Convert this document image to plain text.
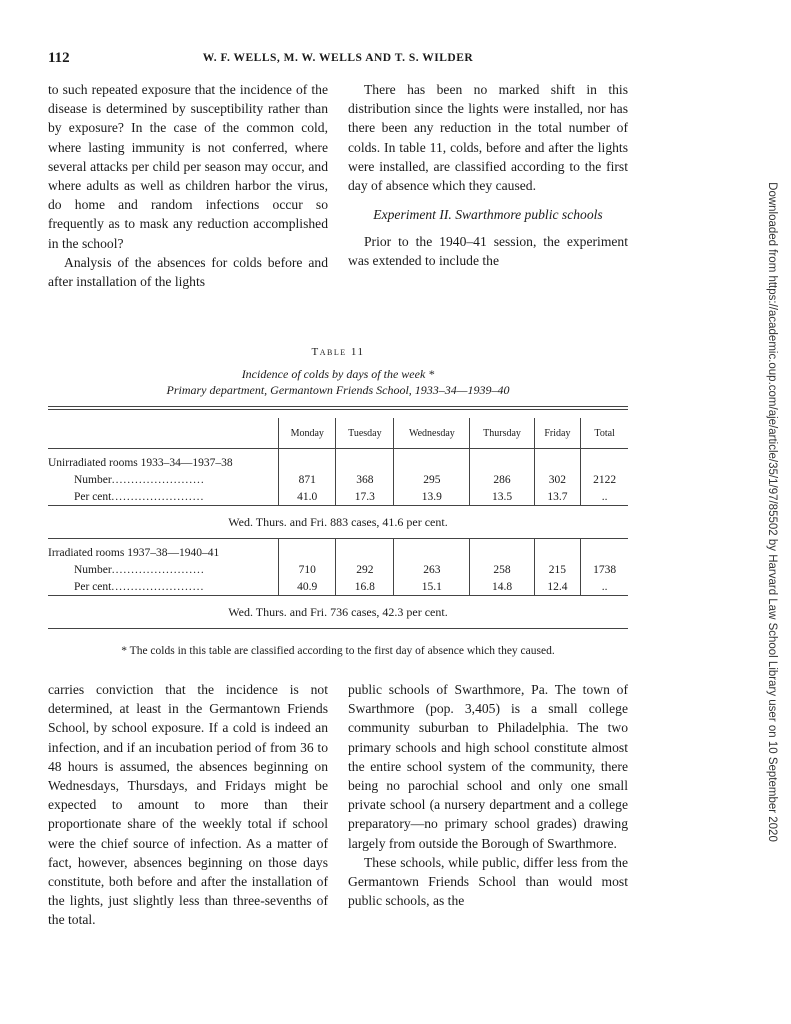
112	W. F. WELLS, M. W. WELLS AND T. S. WILDER

to such repeated exposure that the incidence of the disease is determined by susceptibility rather than by exposure? In the case of the common cold, where lasting immunity is not conferred, where several attacks per child per season may occur, and where adults as well as children harbor the virus, do home and random infections occur so frequently as to mask any reduction accomplished in the school?

Analysis of the absences for colds before and after installation of the lights

There has been no marked shift in this distribution since the lights were installed, nor has there been any reduction in the total number of colds. In table 11, colds, before and after the lights were installed, are classified according to the first day of absence which they caused.

Experiment II. Swarthmore public schools

Prior to the 1940–41 session, the experiment was extended to include the

Table 11
Incidence of colds by days of the week *
Primary department, Germantown Friends School, 1933–34—1939–40
	Monday	Tuesday	Wednesday	Thursday	Friday	Total
Unirradiated rooms 1933–34—1937–38						
Number........................	871	368	295	286	302	2122
Per cent........................	41.0	17.3	13.9	13.5	13.7	..
Wed. Thurs. and Fri. 883 cases, 41.6 per cent.						
Irradiated rooms 1937–38—1940–41						
Number........................	710	292	263	258	215	1738
Per cent........................	40.9	16.8	15.1	14.8	12.4	..
Wed. Thurs. and Fri. 736 cases, 42.3 per cent.						
* The colds in this table are classified according to the first day of absence which they caused.

carries conviction that the incidence is not determined, at least in the Germantown Friends School, by school exposure. If a cold is indeed an infection, and if an incubation period of from 36 to 48 hours is assumed, the absences beginning on Wednesdays, Thursdays, and Fridays might be expected to amount to more than their proportionate share of the weekly total if school were the chief source of infection. As a matter of fact, however, absences beginning on those days constitute, both before and after the installation of the lights, just slightly less than three-sevenths of the total.

public schools of Swarthmore, Pa. The town of Swarthmore (pop. 3,405) is a small college community suburban to Philadelphia. The two primary schools and high school constitute almost the entire school system of the community, there being no parochial school and only one small private school (a nursery department and a college preparatory—no primary school grades) drawing largely from outside the Borough of Swarthmore.

These schools, while public, differ less from the Germantown Friends School than would most public schools, as the

Downloaded from https://academic.oup.com/aje/article/35/1/97/85502 by Harvard Law School Library user on 10 September 2020
